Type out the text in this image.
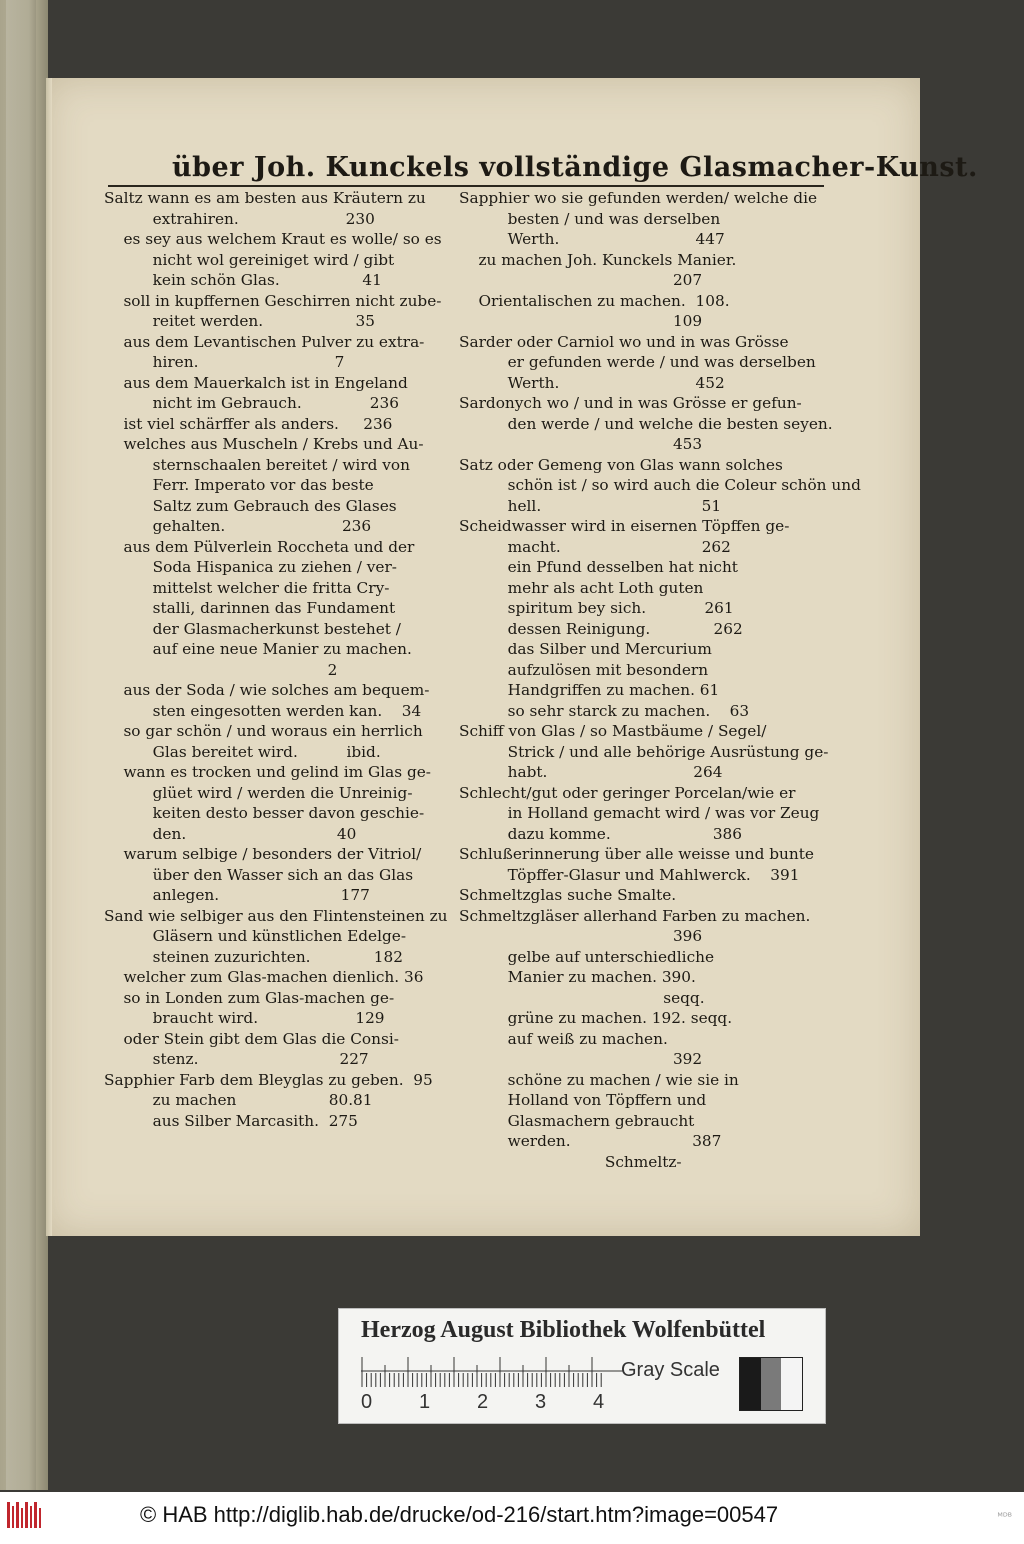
über Joh. Kunckels vollständige Glasmacher-Kunst.
Saltz wann es am besten aus Kräutern zu
extrahiren.                      230
es sey aus welchem Kraut es wolle/ so es
nicht wol gereiniget wird / gibt
kein schön Glas.                 41
soll in kupffernen Geschirren nicht zube-
reitet werden.                   35
aus dem Levantischen Pulver zu extra-
hiren.                            7
aus dem Mauerkalch ist in Engeland
nicht im Gebrauch.              236
ist viel schärffer als anders.     236
welches aus Muscheln / Krebs und Au-
sternschaalen bereitet / wird von
Ferr. Imperato vor das beste
Saltz zum Gebrauch des Glases
gehalten.                        236
aus dem Pülverlein Roccheta und der
Soda Hispanica zu ziehen / ver-
mittelst welcher die fritta Cry-
stalli, darinnen das Fundament
der Glasmacherkunst bestehet /
auf eine neue Manier zu machen.
2
aus der Soda / wie solches am bequem-
sten eingesotten werden kan.    34
so gar schön / und woraus ein herrlich
Glas bereitet wird.          ibid.
wann es trocken und gelind im Glas ge-
glüet wird / werden die Unreinig-
keiten desto besser davon geschie-
den.                               40
warum selbige / besonders der Vitriol/
über den Wasser sich an das Glas
anlegen.                         177
Sand wie selbiger aus den Flintensteinen zu
Gläsern und künstlichen Edelge-
steinen zuzurichten.             182
welcher zum Glas-machen dienlich. 36
so in Londen zum Glas-machen ge-
braucht wird.                    129
oder Stein gibt dem Glas die Consi-
stenz.                             227
Sapphier Farb dem Bleyglas zu geben.  95
zu machen                   80.81
aus Silber Marcasith.  275
Sapphier wo sie gefunden werden/ welche die
besten / und was derselben
Werth.                            447
zu machen Joh. Kunckels Manier.
207
Orientalischen zu machen.  108.
109
Sarder oder Carniol wo und in was Grösse
er gefunden werde / und was derselben
Werth.                            452
Sardonych wo / und in was Grösse er gefun-
den werde / und welche die besten seyen.
453
Satz oder Gemeng von Glas wann solches
schön ist / so wird auch die Coleur schön und
hell.                                 51
Scheidwasser wird in eisernen Töpffen ge-
macht.                             262
ein Pfund desselben hat nicht
mehr als acht Loth guten
spiritum bey sich.            261
dessen Reinigung.             262
das Silber und Mercurium
aufzulösen mit besondern
Handgriffen zu machen. 61
so sehr starck zu machen.    63
Schiff von Glas / so Mastbäume / Segel/
Strick / und alle behörige Ausrüstung ge-
habt.                              264
Schlecht/gut oder geringer Porcelan/wie er
in Holland gemacht wird / was vor Zeug
dazu komme.                     386
Schlußerinnerung über alle weisse und bunte
Töpffer-Glasur und Mahlwerck.    391
Schmeltzglas suche Smalte.
Schmeltzgläser allerhand Farben zu machen.
396
gelbe auf unterschiedliche
Manier zu machen. 390.
seqq.
grüne zu machen. 192. seqq.
auf weiß zu machen.
392
schöne zu machen / wie sie in
Holland von Töpffern und
Glasmachern gebraucht
werden.                         387
Schmeltz-
Herzog August Bibliothek Wolfenbüttel
Gray Scale
0 1 2 3 4
© HAB http://diglib.hab.de/drucke/od-216/start.htm?image=00547	ᴹᴰᴮ
